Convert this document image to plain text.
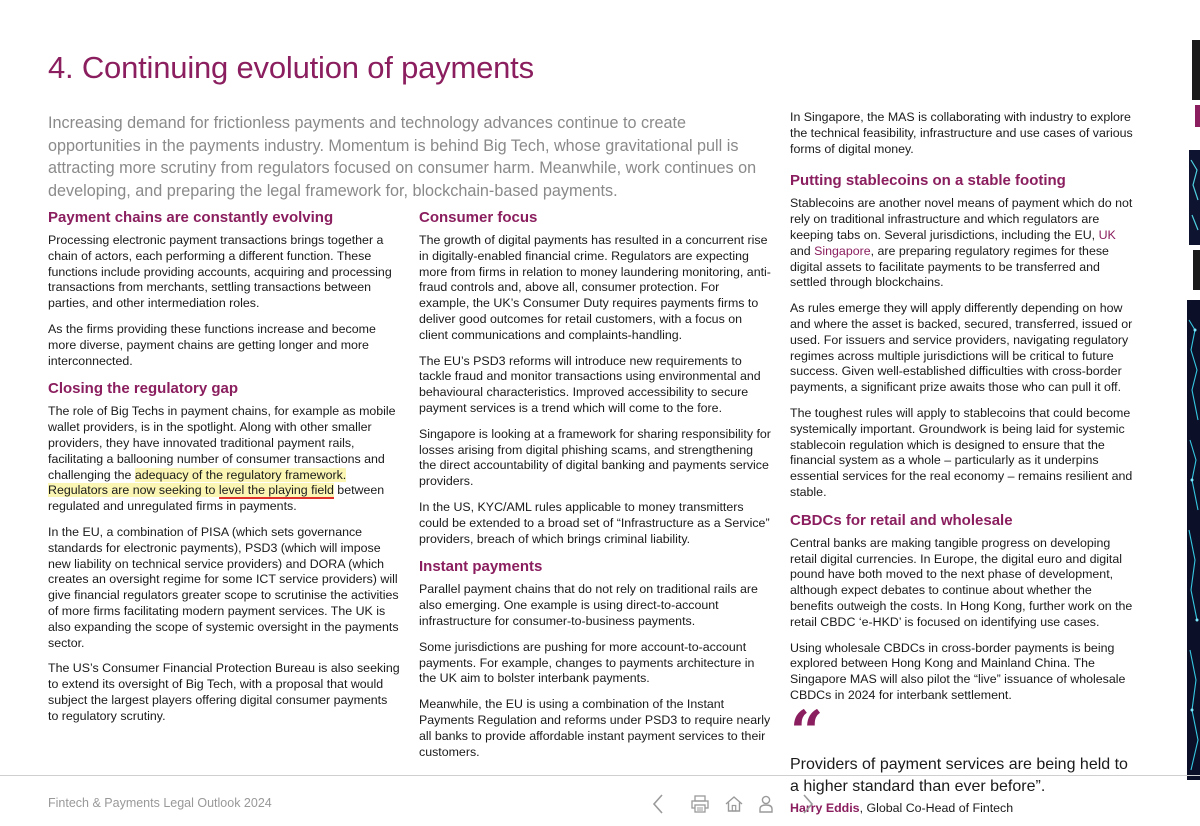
4. Continuing evolution of payments

Increasing demand for frictionless payments and technology advances continue to create opportunities in the payments industry. Momentum is behind Big Tech, whose gravitational pull is attracting more scrutiny from regulators focused on consumer harm. Meanwhile, work continues on developing, and preparing the legal framework for, blockchain-based payments.

Payment chains are constantly evolving

Processing electronic payment transactions brings together a chain of actors, each performing a different function. These functions include providing accounts, acquiring and processing transactions from merchants, settling transactions between parties, and other intermediation roles.

As the firms providing these functions increase and become more diverse, payment chains are getting longer and more interconnected.

Closing the regulatory gap

The role of Big Techs in payment chains, for example as mobile wallet providers, is in the spotlight. Along with other smaller providers, they have innovated traditional payment rails, facilitating a ballooning number of consumer transactions and challenging the adequacy of the regulatory framework. Regulators are now seeking to level the playing field between regulated and unregulated firms in payments.

In the EU, a combination of PISA (which sets governance standards for electronic payments), PSD3 (which will impose new liability on technical service providers) and DORA (which creates an oversight regime for some ICT service providers) will give financial regulators greater scope to scrutinise the activities of more firms facilitating modern payment services. The UK is also expanding the scope of systemic oversight in the payments sector.

The US’s Consumer Financial Protection Bureau is also seeking to extend its oversight of Big Tech, with a proposal that would subject the largest players offering digital consumer payments to regulatory scrutiny.

Consumer focus

The growth of digital payments has resulted in a concurrent rise in digitally-enabled financial crime. Regulators are expecting more from firms in relation to money laundering monitoring, anti-fraud controls and, above all, consumer protection. For example, the UK’s Consumer Duty requires payments firms to deliver good outcomes for retail customers, with a focus on client communications and complaints-handling.

The EU’s PSD3 reforms will introduce new requirements to tackle fraud and monitor transactions using environmental and behavioural characteristics. Improved accessibility to secure payment services is a trend which will come to the fore.

Singapore is looking at a framework for sharing responsibility for losses arising from digital phishing scams, and strengthening the direct accountability of digital banking and payments service providers.

In the US, KYC/AML rules applicable to money transmitters could be extended to a broad set of “Infrastructure as a Service” providers, breach of which brings criminal liability.

Instant payments

Parallel payment chains that do not rely on traditional rails are also emerging. One example is using direct-to-account infrastructure for consumer-to-business payments.

Some jurisdictions are pushing for more account-to-account payments. For example, changes to payments architecture in the UK aim to bolster interbank payments.

Meanwhile, the EU is using a combination of the Instant Payments Regulation and reforms under PSD3 to require nearly all banks to provide affordable instant payment services to their customers.

In Singapore, the MAS is collaborating with industry to explore the technical feasibility, infrastructure and use cases of various forms of digital money.

Putting stablecoins on a stable footing

Stablecoins are another novel means of payment which do not rely on traditional infrastructure and which regulators are keeping tabs on. Several jurisdictions, including the EU, UK and Singapore, are preparing regulatory regimes for these digital assets to facilitate payments to be transferred and settled through blockchains.

As rules emerge they will apply differently depending on how and where the asset is backed, secured, transferred, issued or used. For issuers and service providers, navigating regulatory regimes across multiple jurisdictions will be critical to future success. Given well-established difficulties with cross-border payments, a significant prize awaits those who can pull it off.

The toughest rules will apply to stablecoins that could become systemically important. Groundwork is being laid for systemic stablecoin regulation which is designed to ensure that the financial system as a whole – particularly as it underpins essential services for the real economy – remains resilient and stable.

CBDCs for retail and wholesale

Central banks are making tangible progress on developing retail digital currencies. In Europe, the digital euro and digital pound have both moved to the next phase of development, although expect debates to continue about whether the benefits outweigh the costs. In Hong Kong, further work on the retail CBDC ‘e-HKD’ is focused on identifying use cases.

Using wholesale CBDCs in cross-border payments is being explored between Hong Kong and Mainland China. The Singapore MAS will also pilot the “live” issuance of wholesale CBDCs in 2024 for interbank settlement.

“
Providers of payment services are being held to a higher standard than ever before”.
Harry Eddis, Global Co-Head of Fintech
Fintech & Payments Legal Outlook 2024
